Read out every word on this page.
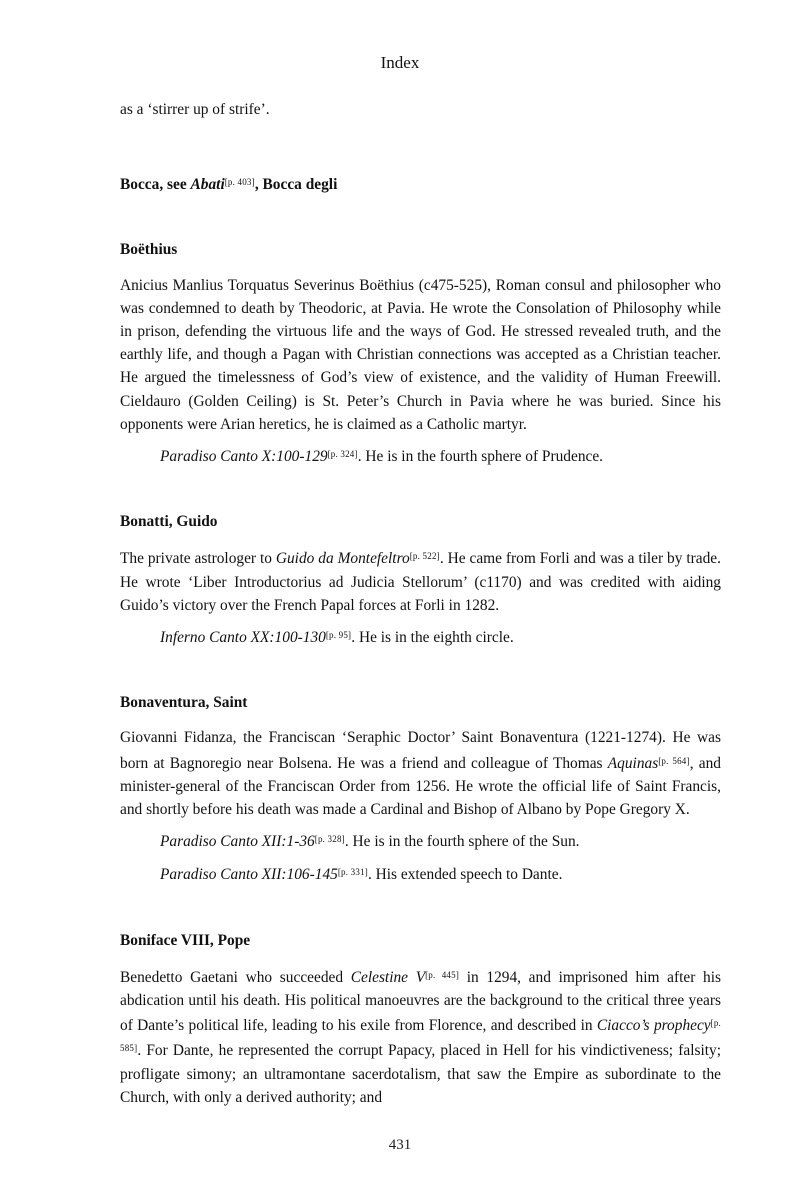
Index

as a ‘stirrer up of strife’.

Bocca, see Abati[p. 403], Bocca degli
Boëthius

Anicius Manlius Torquatus Severinus Boëthius (c475-525), Roman consul and philosopher who was condemned to death by Theodoric, at Pavia. He wrote the Consolation of Philosophy while in prison, defending the virtuous life and the ways of God. He stressed revealed truth, and the earthly life, and though a Pagan with Christian connections was accepted as a Christian teacher. He argued the timelessness of God’s view of existence, and the validity of Human Freewill. Cieldauro (Golden Ceiling) is St. Peter’s Church in Pavia where he was buried. Since his opponents were Arian heretics, he is claimed as a Catholic martyr.

Paradiso Canto X:100-129[p. 324]. He is in the fourth sphere of Prudence.

Bonatti, Guido

The private astrologer to Guido da Montefeltro[p. 522]. He came from Forli and was a tiler by trade. He wrote ‘Liber Introductorius ad Judicia Stellorum’ (c1170) and was credited with aiding Guido’s victory over the French Papal forces at Forli in 1282.

Inferno Canto XX:100-130[p. 95]. He is in the eighth circle.

Bonaventura, Saint

Giovanni Fidanza, the Franciscan ‘Seraphic Doctor’ Saint Bonaventura (1221-1274). He was born at Bagnoregio near Bolsena. He was a friend and colleague of Thomas Aquinas[p. 564], and minister-general of the Franciscan Order from 1256. He wrote the official life of Saint Francis, and shortly before his death was made a Cardinal and Bishop of Albano by Pope Gregory X.

Paradiso Canto XII:1-36[p. 328]. He is in the fourth sphere of the Sun.

Paradiso Canto XII:106-145[p. 331]. His extended speech to Dante.

Boniface VIII, Pope

Benedetto Gaetani who succeeded Celestine V[p. 445] in 1294, and imprisoned him after his abdication until his death. His political manoeuvres are the background to the critical three years of Dante’s political life, leading to his exile from Florence, and described in Ciacco’s prophecy[p. 585]. For Dante, he represented the corrupt Papacy, placed in Hell for his vindictiveness; falsity; profligate simony; an ultramontane sacerdotalism, that saw the Empire as subordinate to the Church, with only a derived authority; and

431
